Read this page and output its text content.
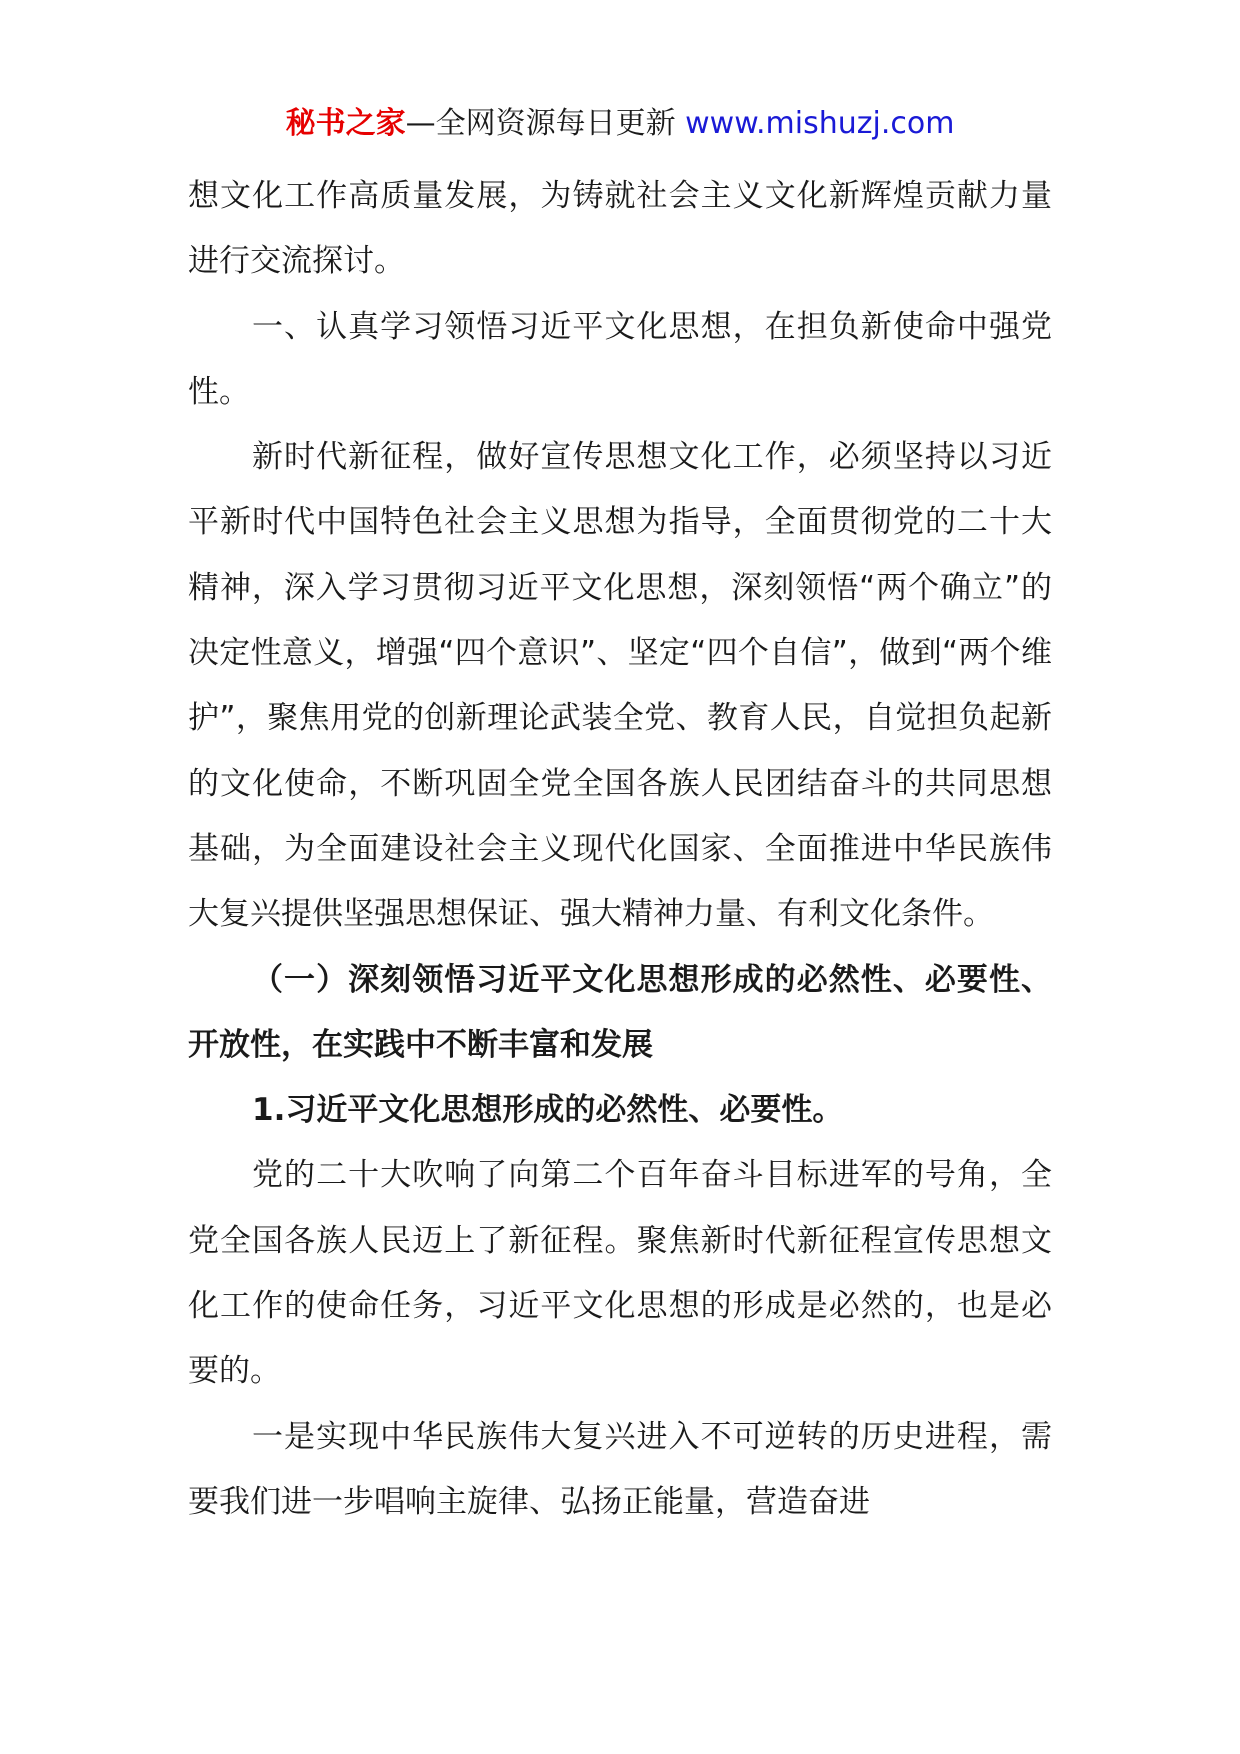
秘书之家—全网资源每日更新 www.mishuzj.com

想文化工作高质量发展，为铸就社会主义文化新辉煌贡献力量进行交流探讨。

一、认真学习领悟习近平文化思想，在担负新使命中强党性。

新时代新征程，做好宣传思想文化工作，必须坚持以习近平新时代中国特色社会主义思想为指导，全面贯彻党的二十大精神，深入学习贯彻习近平文化思想，深刻领悟“两个确立”的决定性意义，增强“四个意识”、坚定“四个自信”，做到“两个维护”，聚焦用党的创新理论武装全党、教育人民，自觉担负起新的文化使命，不断巩固全党全国各族人民团结奋斗的共同思想基础，为全面建设社会主义现代化国家、全面推进中华民族伟大复兴提供坚强思想保证、强大精神力量、有利文化条件。

（一）深刻领悟习近平文化思想形成的必然性、必要性、开放性，在实践中不断丰富和发展

1.习近平文化思想形成的必然性、必要性。

党的二十大吹响了向第二个百年奋斗目标进军的号角，全党全国各族人民迈上了新征程。聚焦新时代新征程宣传思想文化工作的使命任务，习近平文化思想的形成是必然的，也是必要的。

一是实现中华民族伟大复兴进入不可逆转的历史进程，需要我们进一步唱响主旋律、弘扬正能量，营造奋进
